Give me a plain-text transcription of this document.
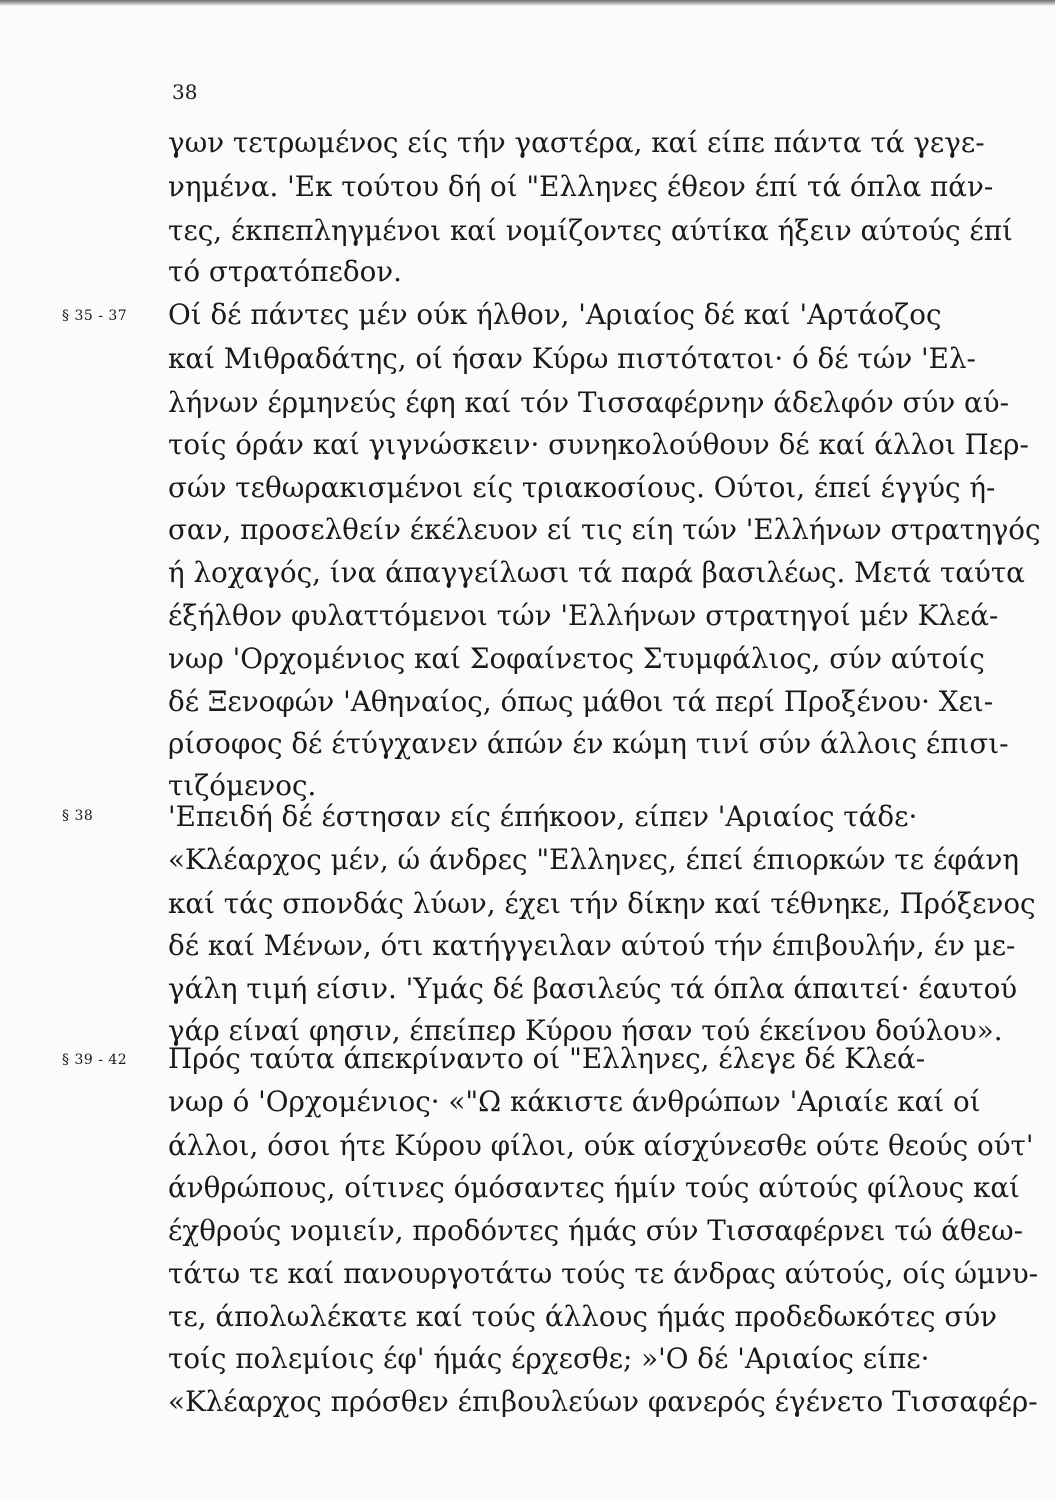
38
§ 35 - 37
§ 38
§ 39 - 42
γων τετρωμένος είς τήν γαστέρα, καί είπε πάντα τά γεγε-
νημένα. 'Εκ τούτου δή οί "Ελληνες έθεον έπί τά όπλα πάν-
τες, έκπεπληγμένοι καί νομίζοντες αύτίκα ήξειν αύτούς έπί
τό στρατόπεδον.
Οί δέ πάντες μέν ούκ ήλθον, 'Αριαίος δέ καί 'Αρτάοζος
καί Μιθραδάτης, οί ήσαν Κύρω πιστότατοι· ό δέ τών 'Ελ-
λήνων έρμηνεύς έφη καί τόν Τισσαφέρνην άδελφόν σύν αύ-
τοίς όράν καί γιγνώσκειν· συνηκολούθουν δέ καί άλλοι Περ-
σών τεθωρακισμένοι είς τριακοσίους. Ούτοι, έπεί έγγύς ή-
σαν, προσελθείν έκέλευον εί τις είη τών 'Ελλήνων στρατηγός
ή λοχαγός, ίνα άπαγγείλωσι τά παρά βασιλέως. Μετά ταύτα
έξήλθον φυλαττόμενοι τών 'Ελλήνων στρατηγοί μέν Κλεά-
νωρ 'Ορχομένιος καί Σοφαίνετος Στυμφάλιος, σύν αύτοίς
δέ Ξενοφών 'Αθηναίος, όπως μάθοι τά περί Προξένου· Χει-
ρίσοφος δέ έτύγχανεν άπών έν κώμη τινί σύν άλλοις έπισι-
τιζόμενος.
'Επειδή δέ έστησαν είς έπήκοον, είπεν 'Αριαίος τάδε·
«Κλέαρχος μέν, ώ άνδρες "Ελληνες, έπεί έπιορκών τε έφάνη
καί τάς σπονδάς λύων, έχει τήν δίκην καί τέθνηκε, Πρόξενος
δέ καί Μένων, ότι κατήγγειλαν αύτού τήν έπιβουλήν, έν με-
γάλη τιμή είσιν. 'Υμάς δέ βασιλεύς τά όπλα άπαιτεί· έαυτού
γάρ είναί φησιν, έπείπερ Κύρου ήσαν τού έκείνου δούλου».
Πρός ταύτα άπεκρίναντο οί "Ελληνες, έλεγε δέ Κλεά-
νωρ ό 'Ορχομένιος· «"Ω κάκιστε άνθρώπων 'Αριαίε καί οί
άλλοι, όσοι ήτε Κύρου φίλοι, ούκ αίσχύνεσθε ούτε θεούς ούτ'
άνθρώπους, οίτινες όμόσαντες ήμίν τούς αύτούς φίλους καί
έχθρούς νομιείν, προδόντες ήμάς σύν Τισσαφέρνει τώ άθεω-
τάτω τε καί πανουργοτάτω τούς τε άνδρας αύτούς, οίς ώμνυ-
τε, άπολωλέκατε καί τούς άλλους ήμάς προδεδωκότες σύν
τοίς πολεμίοις έφ' ήμάς έρχεσθε; »'Ο δέ 'Αριαίος είπε·
«Κλέαρχος πρόσθεν έπιβουλεύων φανερός έγένετο Τισσαφέρ-
